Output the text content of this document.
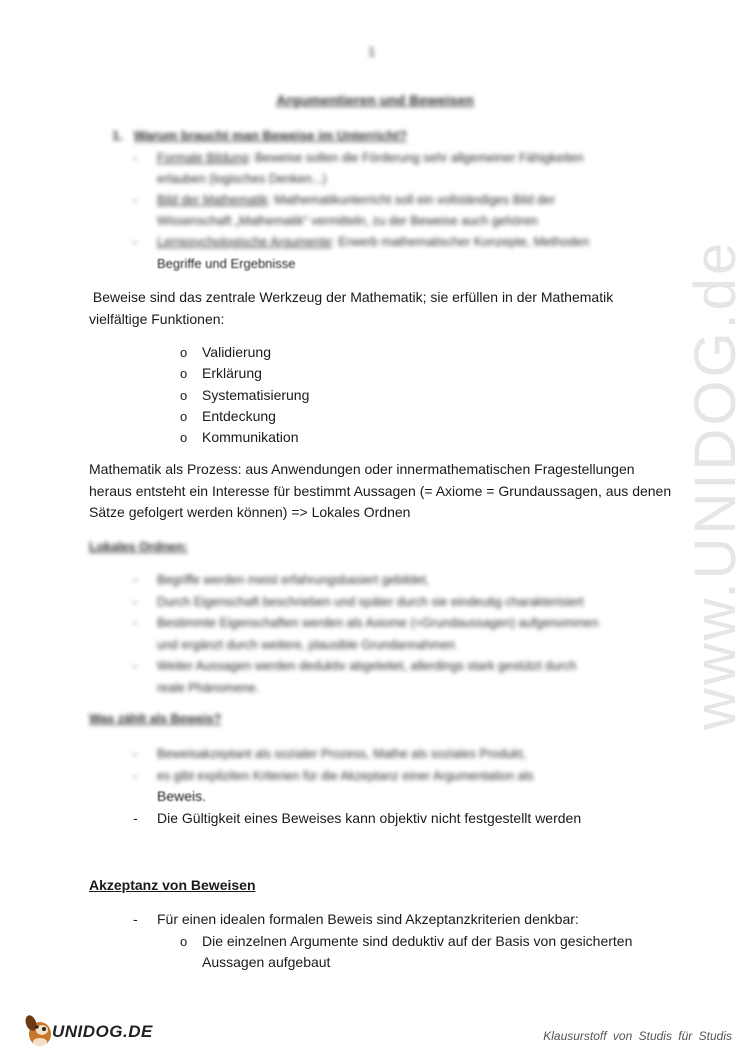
www.UNIDOG.de
1
Argumentieren und Beweisen
1. Warum braucht man Beweise im Unterricht?
- Formale Bildung: Beweise sollen die Förderung sehr allgemeiner Fähigkeiten
erlauben (logisches Denken...)
- Bild der Mathematik: Mathematikunterricht soll ein vollständiges Bild der
Wissenschaft „Mathematik“ vermitteln, zu der Beweise auch gehören
- Lernpsychologische Argumente: Erwerb mathematischer Konzepte, Methoden
Begriffe und Ergebnisse
Beweise sind das zentrale Werkzeug der Mathematik; sie erfüllen in der Mathematik
vielfältige Funktionen:
o Validierung
o Erklärung
o Systematisierung
o Entdeckung
o Kommunikation
Mathematik als Prozess: aus Anwendungen oder innermathematischen Fragestellungen
heraus entsteht ein Interesse für bestimmt Aussagen (= Axiome = Grundaussagen, aus denen
Sätze gefolgert werden können) => Lokales Ordnen
Lokales Ordnen:
- Begriffe werden meist erfahrungsbasiert gebildet,
- Durch Eigenschaft beschrieben und später durch sie eindeutig charakterisiert
- Bestimmte Eigenschaften werden als Axiome (=Grundaussagen) aufgenommen
und ergänzt durch weitere, plausible Grundannahmen
- Weiter Aussagen werden deduktiv abgeleitet, allerdings stark gestützt durch
reale Phänomene.
Was zählt als Beweis?
- Beweisakzeptant als sozialer Prozess, Mathe als soziales Produkt,
- es gibt expliziten Kriterien für die Akzeptanz einer Argumentation als
Beweis.
- Die Gültigkeit eines Beweises kann objektiv nicht festgestellt werden
Akzeptanz von Beweisen
- Für einen idealen formalen Beweis sind Akzeptanzkriterien denkbar:
o Die einzelnen Argumente sind deduktiv auf der Basis von gesicherten
Aussagen aufgebaut
UNIDOG.DE	Klausurstoff von Studis für Studis
